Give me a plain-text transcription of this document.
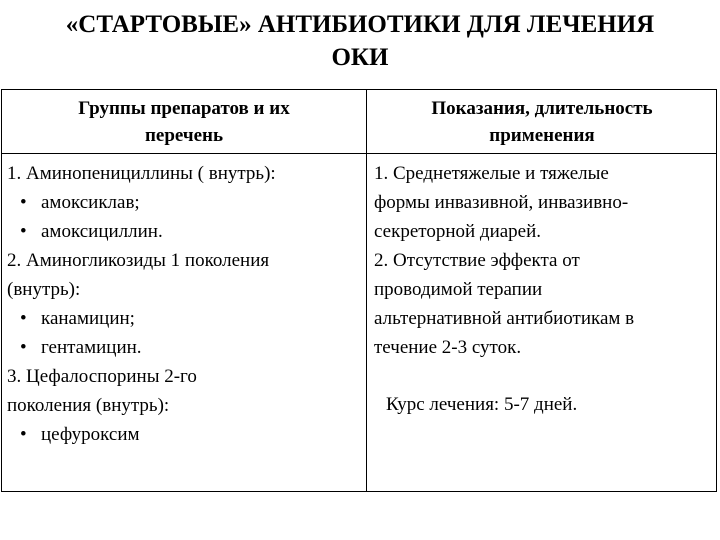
«СТАРТОВЫЕ» АНТИБИОТИКИ ДЛЯ ЛЕЧЕНИЯ
ОКИ
Группы препаратов и их
перечень
Показания, длительность
применения
1. Аминопенициллины ( внутрь):
• амоксиклав;
• амоксициллин.
2. Аминогликозиды 1 поколения
(внутрь):
• канамицин;
• гентамицин.
3. Цефалоспорины 2-го
поколения (внутрь):
• цефуроксим
1. Среднетяжелые и тяжелые
формы инвазивной, инвазивно-
секреторной диарей.
2. Отсутствие эффекта от
проводимой терапии
альтернативной антибиотикам в
течение 2-3 суток.
Курс лечения: 5-7 дней.
